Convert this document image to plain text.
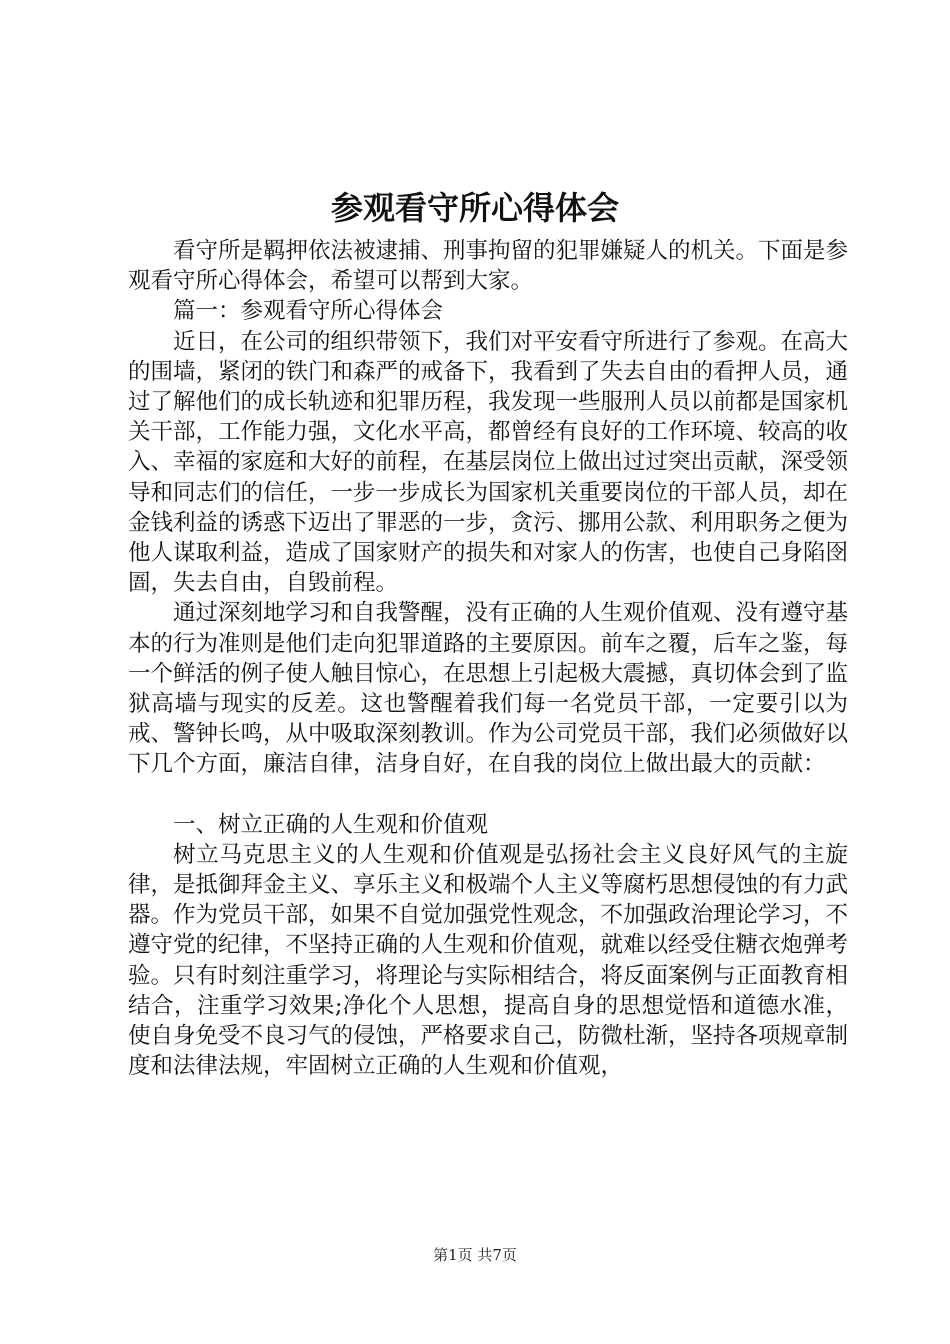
参观看守所心得体会

看守所是羁押依法被逮捕、刑事拘留的犯罪嫌疑人的机关。下面是参观看守所心得体会，希望可以帮到大家。

篇一：参观看守所心得体会

近日，在公司的组织带领下，我们对平安看守所进行了参观。在高大的围墙，紧闭的铁门和森严的戒备下，我看到了失去自由的看押人员，通过了解他们的成长轨迹和犯罪历程，我发现一些服刑人员以前都是国家机关干部，工作能力强，文化水平高，都曾经有良好的工作环境、较高的收入、幸福的家庭和大好的前程，在基层岗位上做出过过突出贡献，深受领导和同志们的信任，一步一步成长为国家机关重要岗位的干部人员，却在金钱利益的诱惑下迈出了罪恶的一步，贪污、挪用公款、利用职务之便为他人谋取利益，造成了国家财产的损失和对家人的伤害，也使自己身陷囹圄，失去自由，自毁前程。

通过深刻地学习和自我警醒，没有正确的人生观价值观、没有遵守基本的行为准则是他们走向犯罪道路的主要原因。前车之覆，后车之鉴，每一个鲜活的例子使人触目惊心，在思想上引起极大震撼，真切体会到了监狱高墙与现实的反差。这也警醒着我们每一名党员干部，一定要引以为戒、警钟长鸣，从中吸取深刻教训。作为公司党员干部，我们必须做好以下几个方面，廉洁自律，洁身自好，在自我的岗位上做出最大的贡献：

一、树立正确的人生观和价值观

树立马克思主义的人生观和价值观是弘扬社会主义良好风气的主旋律，是抵御拜金主义、享乐主义和极端个人主义等腐朽思想侵蚀的有力武器。作为党员干部，如果不自觉加强党性观念，不加强政治理论学习，不遵守党的纪律，不坚持正确的人生观和价值观，就难以经受住糖衣炮弹考验。只有时刻注重学习，将理论与实际相结合，将反面案例与正面教育相结合，注重学习效果;净化个人思想，提高自身的思想觉悟和道德水准，使自身免受不良习气的侵蚀，严格要求自己，防微杜渐，坚持各项规章制度和法律法规，牢固树立正确的人生观和价值观，

第1页 共7页
